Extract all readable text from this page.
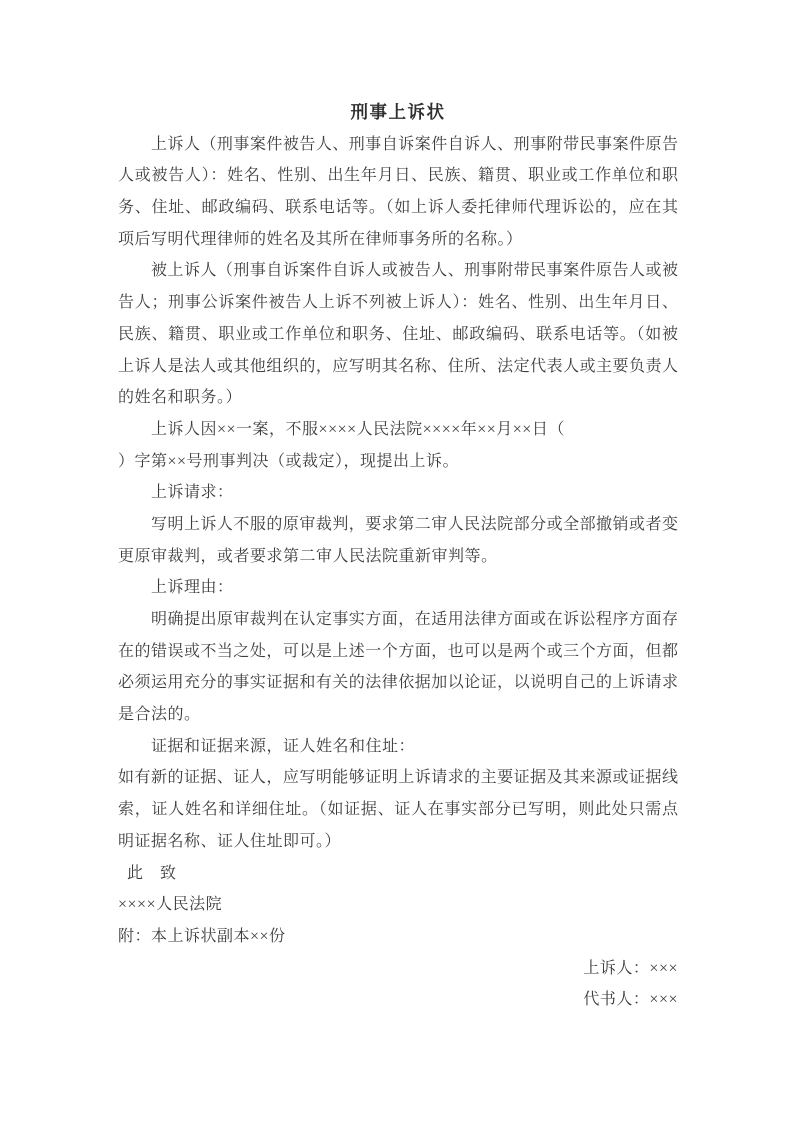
刑事上诉状
上诉人（刑事案件被告人、刑事自诉案件自诉人、刑事附带民事案件原告
人或被告人）：姓名、性别、出生年月日、民族、籍贯、职业或工作单位和职
务、住址、邮政编码、联系电话等。（如上诉人委托律师代理诉讼的，应在其
项后写明代理律师的姓名及其所在律师事务所的名称。）
被上诉人（刑事自诉案件自诉人或被告人、刑事附带民事案件原告人或被
告人；刑事公诉案件被告人上诉不列被上诉人）：姓名、性别、出生年月日、
民族、籍贯、职业或工作单位和职务、住址、邮政编码、联系电话等。（如被
上诉人是法人或其他组织的，应写明其名称、住所、法定代表人或主要负责人
的姓名和职务。）
上诉人因××一案，不服××××人民法院××××年××月××日（
）字第××号刑事判决（或裁定），现提出上诉。
上诉请求：
写明上诉人不服的原审裁判，要求第二审人民法院部分或全部撤销或者变
更原审裁判，或者要求第二审人民法院重新审判等。
上诉理由：
明确提出原审裁判在认定事实方面，在适用法律方面或在诉讼程序方面存
在的错误或不当之处，可以是上述一个方面，也可以是两个或三个方面，但都
必须运用充分的事实证据和有关的法律依据加以论证，以说明自己的上诉请求
是合法的。
证据和证据来源，证人姓名和住址：
如有新的证据、证人，应写明能够证明上诉请求的主要证据及其来源或证据线
索，证人姓名和详细住址。（如证据、证人在事实部分已写明，则此处只需点
明证据名称、证人住址即可。）
此　致
××××人民法院
附：本上诉状副本××份
上诉人：×××
代书人：×××
